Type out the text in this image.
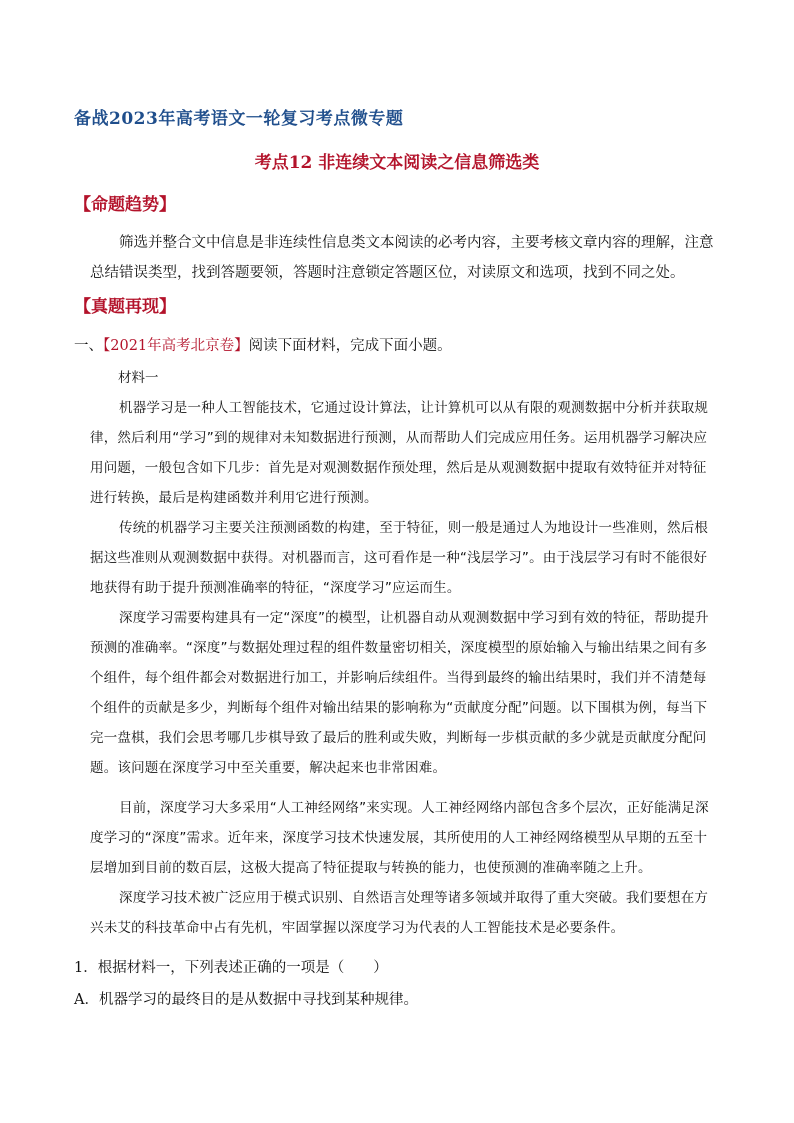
备战2023年高考语文一轮复习考点微专题
考点12 非连续文本阅读之信息筛选类
【命题趋势】
筛选并整合文中信息是非连续性信息类文本阅读的必考内容，主要考核文章内容的理解，注意总结错误类型，找到答题要领，答题时注意锁定答题区位，对读原文和选项，找到不同之处。
【真题再现】
一、【2021年高考北京卷】阅读下面材料，完成下面小题。
材料一
机器学习是一种人工智能技术，它通过设计算法，让计算机可以从有限的观测数据中分析并获取规律，然后利用“学习”到的规律对未知数据进行预测，从而帮助人们完成应用任务。运用机器学习解决应用问题，一般包含如下几步：首先是对观测数据作预处理，然后是从观测数据中提取有效特征并对特征进行转换，最后是构建函数并利用它进行预测。
传统的机器学习主要关注预测函数的构建，至于特征，则一般是通过人为地设计一些准则，然后根据这些准则从观测数据中获得。对机器而言，这可看作是一种“浅层学习”。由于浅层学习有时不能很好地获得有助于提升预测准确率的特征，“深度学习”应运而生。
深度学习需要构建具有一定“深度”的模型，让机器自动从观测数据中学习到有效的特征，帮助提升预测的准确率。“深度”与数据处理过程的组件数量密切相关，深度模型的原始输入与输出结果之间有多个组件，每个组件都会对数据进行加工，并影响后续组件。当得到最终的输出结果时，我们并不清楚每个组件的贡献是多少，判断每个组件对输出结果的影响称为“贡献度分配”问题。以下围棋为例，每当下完一盘棋，我们会思考哪几步棋导致了最后的胜利或失败，判断每一步棋贡献的多少就是贡献度分配问题。该问题在深度学习中至关重要，解决起来也非常困难。
目前，深度学习大多采用“人工神经网络”来实现。人工神经网络内部包含多个层次，正好能满足深度学习的“深度”需求。近年来，深度学习技术快速发展，其所使用的人工神经网络模型从早期的五至十层增加到目前的数百层，这极大提高了特征提取与转换的能力，也使预测的准确率随之上升。
深度学习技术被广泛应用于模式识别、自然语言处理等诸多领域并取得了重大突破。我们要想在方兴未艾的科技革命中占有先机，牢固掌握以深度学习为代表的人工智能技术是必要条件。
1．根据材料一，下列表述正确的一项是（　　）
A．机器学习的最终目的是从数据中寻找到某种规律。
